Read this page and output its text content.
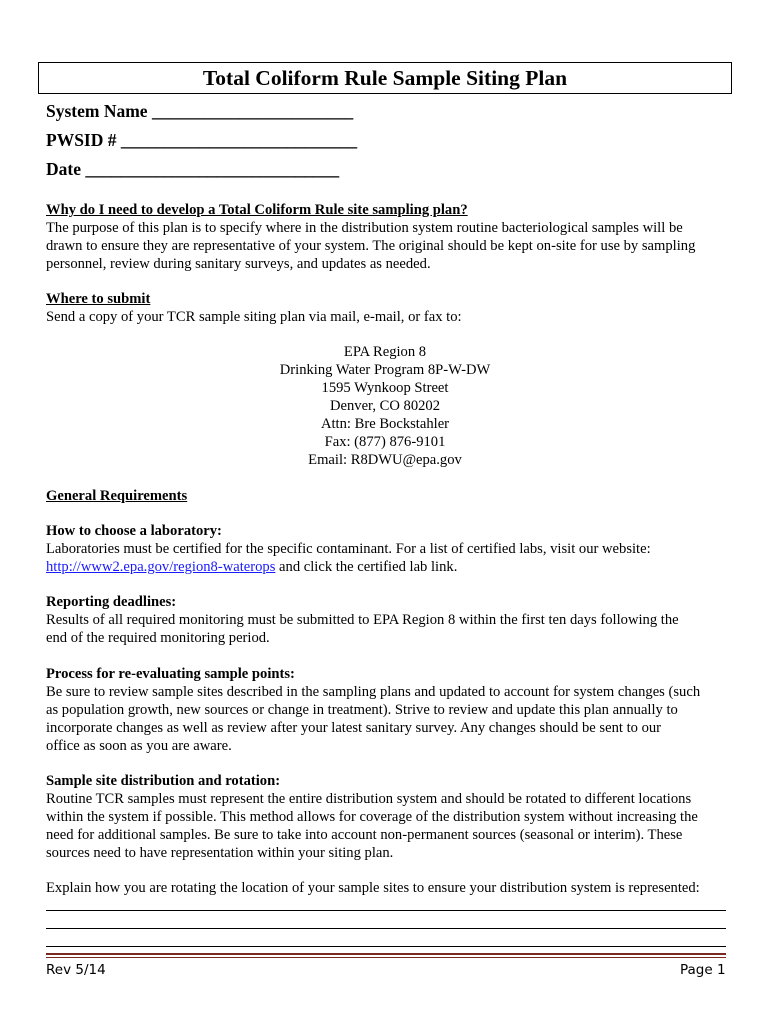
Total Coliform Rule Sample Siting Plan
System Name _______________________
PWSID # ___________________________
Date _____________________________
Why do I need to develop a Total Coliform Rule site sampling plan?
The purpose of this plan is to specify where in the distribution system routine bacteriological samples will be
drawn to ensure they are representative of your system. The original should be kept on-site for use by sampling
personnel, review during sanitary surveys, and updates as needed.
Where to submit
Send a copy of your TCR sample siting plan via mail, e-mail, or fax to:
EPA Region 8
Drinking Water Program 8P-W-DW
1595 Wynkoop Street
Denver, CO 80202
Attn: Bre Bockstahler
Fax: (877) 876-9101
Email: R8DWU@epa.gov
General Requirements
How to choose a laboratory:
Laboratories must be certified for the specific contaminant. For a list of certified labs, visit our website:
http://www2.epa.gov/region8-waterops and click the certified lab link.
Reporting deadlines:
Results of all required monitoring must be submitted to EPA Region 8 within the first ten days following the
end of the required monitoring period.
Process for re-evaluating sample points:
Be sure to review sample sites described in the sampling plans and updated to account for system changes (such
as population growth, new sources or change in treatment). Strive to review and update this plan annually to
incorporate changes as well as review after your latest sanitary survey. Any changes should be sent to our
office as soon as you are aware.
Sample site distribution and rotation:
Routine TCR samples must represent the entire distribution system and should be rotated to different locations
within the system if possible. This method allows for coverage of the distribution system without increasing the
need for additional samples. Be sure to take into account non-permanent sources (seasonal or interim). These
sources need to have representation within your siting plan.
Explain how you are rotating the location of your sample sites to ensure your distribution system is represented:
Rev 5/14	Page 1
